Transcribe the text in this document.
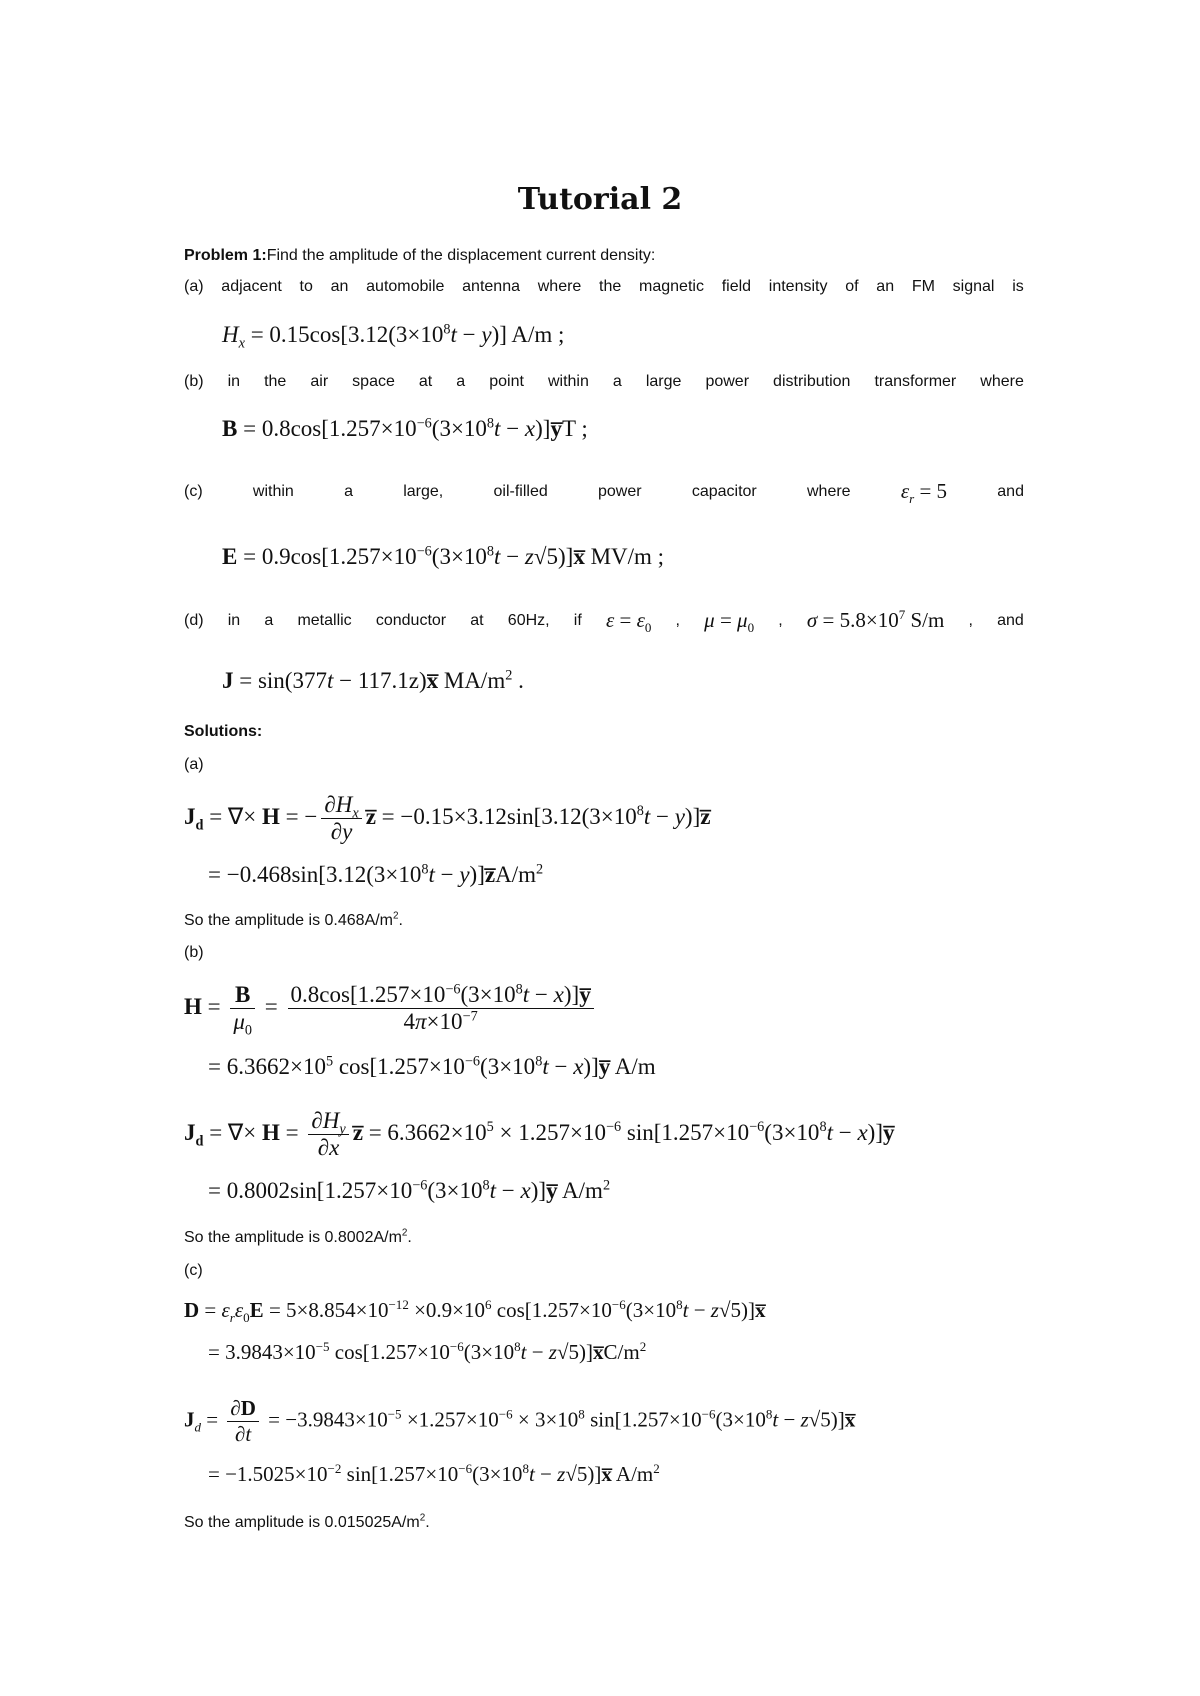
Tutorial 2
Problem 1:Find the amplitude of the displacement current density:
(a) adjacent to an automobile antenna where the magnetic field intensity of an FM signal is
$H_x = 0.15\cos[3.12(3\times 10^8t - y)]$ A/m ;
(b) in the air space at a point within a large power distribution transformer where
$B = 0.8\cos[1.257\times 10^{-6}(3\times 10^8t$ − x)]y̅T ;
(c)	within	a	large,	oil-filled	power	capacitor	where $\varepsilon_r = 5$	and
$E = 0.9\cos[1.257\times 10^{-6}(3\times 10^8t$ − z√5)]x̅ MV/m ;
(d) in a metallic conductor at 60Hz, if $\varepsilon = \varepsilon_0$ , $\mu = \mu_0$ , $\sigma = 5.8\times 10^7$ S/m , and
J = sin(377t − 117.1z)x̅ $MA/m^2$ .
Solutions:
(a)
$J_d$ = ∇× H = − $\frac{\partial H_x}{\partial y}$ z̅ = $-0.15\times 3.12\sin[3.12(3\times 10^8t$ − y)]z̅
= $-0.468\sin[3.12(3\times 10^8t$ − $y)]z̅A/m^2$
So the amplitude is $0.468A/m^2$.
(b)
$H = \frac{B}{\mu_0} = \frac{0.8\cos[1.257\times 10^{-6}(3\times 10^8t - x)]y̅}{4\pi\times 10^{-7}}$
= $6.3662\times 10^5$ $\cos[1.257\times 10^{-6}(3\times 10^8t$ − x)]y̅ A/m
$J_d$ = ∇× $H = \frac{\partial H_y}{\partial x}$ z̅ = $6.3662\times 10^5 \times 1.257\times 10^{-6}$ $\sin[1.257\times 10^{-6}(3\times 10^8t$ − x)]y̅
= $0.8002\sin[1.257\times 10^{-6}(3\times 10^8t$ − x)]y̅ $A/m^2$
So the amplitude is $0.8002A/m^2$.
(c)
$D = \varepsilon_r\varepsilon_0E = 5\times 8.854\times 10^{-12} \times 0.9\times 10^6$ $\cos[1.257\times 10^{-6}(3\times 10^8t$ − z√5)]x̅
= $3.9843\times 10^{-5}$ $\cos[1.257\times 10^{-6}(3\times 10^8t$ − $z√5)]x̅C/m^2$
$J_d = \frac{\partial D}{\partial t} = -3.9843\times 10^{-5} \times 1.257\times 10^{-6} \times 3\times 10^8$ $\sin[1.257\times 10^{-6}(3\times 10^8t$ − z√5)]x̅
= $-1.5025\times 10^{-2}$ $\sin[1.257\times 10^{-6}(3\times 10^8t$ − z√5)]x̅ $A/m^2$
So the amplitude is $0.015025A/m^2$.
